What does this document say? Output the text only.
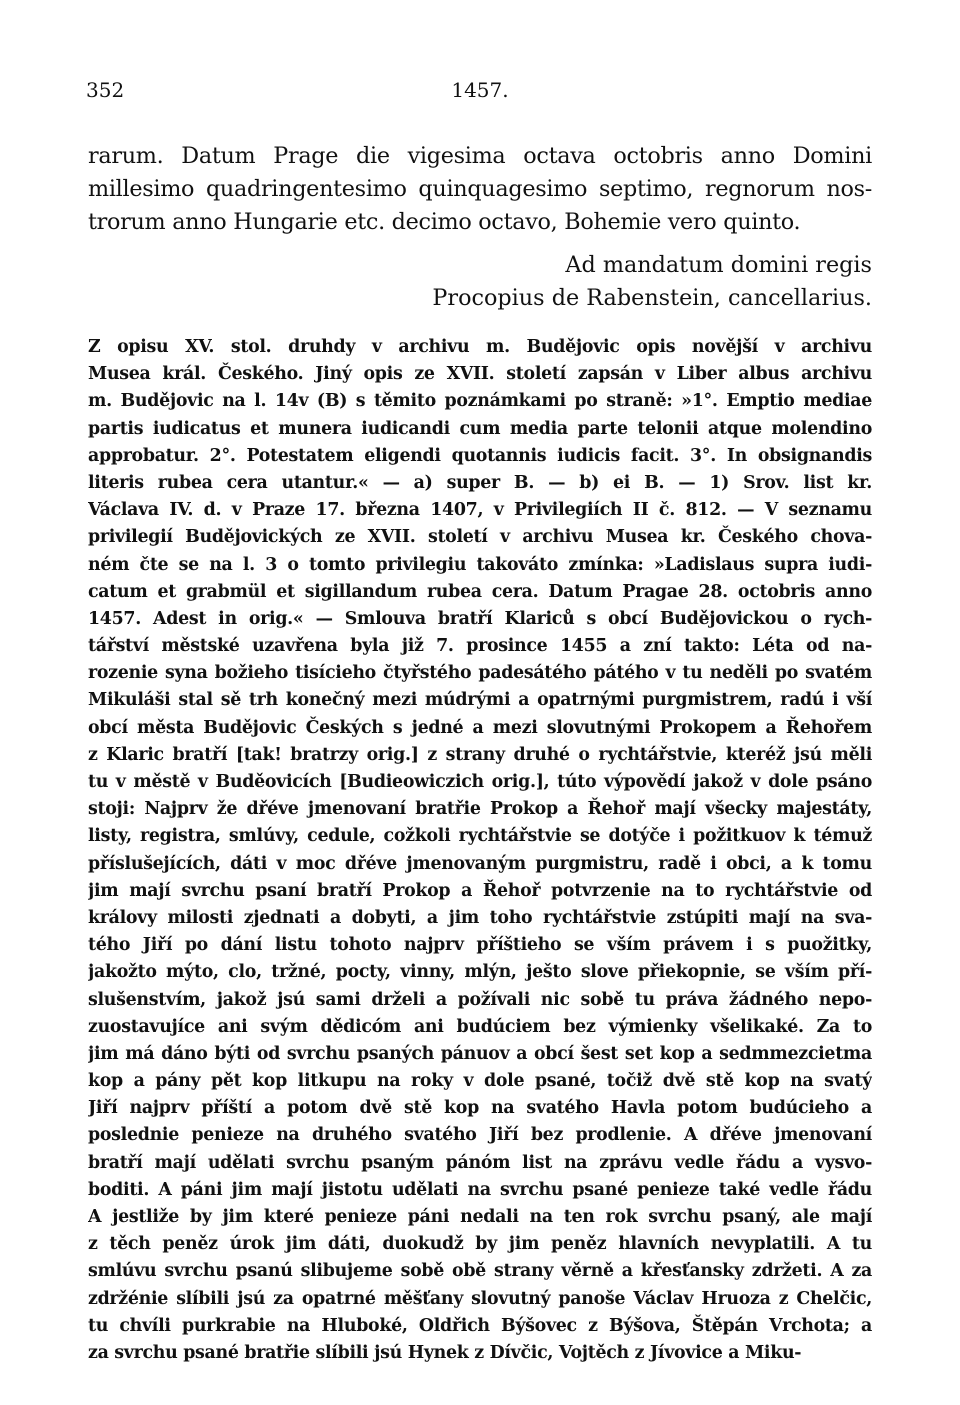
352	1457.
rarum. Datum Prage die vigesima octava octobris anno Domini
millesimo quadringentesimo quinquagesimo septimo, regnorum nos-
trorum anno Hungarie etc. decimo octavo, Bohemie vero quinto.
Ad mandatum domini regis
Procopius de Rabenstein, cancellarius.
Z opisu XV. stol. druhdy v archivu m. Budějovic opis novější v archivu
Musea král. Českého. Jiný opis ze XVII. století zapsán v Liber albus archivu
m. Budějovic na l. 14v (B) s těmito poznámkami po straně: »1°. Emptio mediae
partis iudicatus et munera iudicandi cum media parte telonii atque molendino
approbatur. 2°. Potestatem eligendi quotannis iudicis facit. 3°. In obsignandis
literis rubea cera utantur.« — a) super B. — b) ei B. — 1) Srov. list kr.
Václava IV. d. v Praze 17. března 1407, v Privilegiích II č. 812. — V seznamu
privilegií Budějovických ze XVII. století v archivu Musea kr. Českého chova-
ném čte se na l. 3 o tomto privilegiu takováto zmínka: »Ladislaus supra iudi-
catum et grabmül et sigillandum rubea cera. Datum Pragae 28. octobris anno
1457. Adest in orig.« — Smlouva bratří Klariců s obcí Budějovickou o rych-
tářství městské uzavřena byla již 7. prosince 1455 a zní takto: Léta od na-
rozenie syna božieho tisícieho čtyřstého padesátého pátého v tu neděli po svatém
Mikuláši stal sě trh konečný mezi múdrými a opatrnými purgmistrem, radú i vší
obcí města Budějovic Českých s jedné a mezi slovutnými Prokopem a Řehořem
z Klaric bratří [tak! bratrzy orig.] z strany druhé o rychtářstvie, kteréž jsú měli
tu v městě v Buděovicích [Budieowiczich orig.], túto výpovědí jakož v dole psáno
stoji: Najprv že dřéve jmenovaní bratřie Prokop a Řehoř mají všecky majestáty,
listy, registra, smlúvy, cedule, cožkoli rychtářstvie se dotýče i požitkuov k témuž
příslušejících, dáti v moc dřéve jmenovaným purgmistru, radě i obci, a k tomu
jim mají svrchu psaní bratří Prokop a Řehoř potvrzenie na to rychtářstvie od
královy milosti zjednati a dobyti, a jim toho rychtářstvie zstúpiti mají na sva-
tého Jiří po dání listu tohoto najprv příštieho se vším právem i s puožitky,
jakožto mýto, clo, tržné, pocty, vinny, mlýn, ješto slove přiekopnie, se vším pří-
slušenstvím, jakož jsú sami drželi a požívali nic sobě tu práva žádného nepo-
zuostavujíce ani svým dědicóm ani budúciem bez výmienky všelikaké. Za to
jim má dáno býti od svrchu psaných pánuov a obcí šest set kop a sedmmezcietma
kop a pány pět kop litkupu na roky v dole psané, točiž dvě stě kop na svatý
Jiří najprv příští a potom dvě stě kop na svatého Havla potom budúcieho a
poslednie penieze na druhého svatého Jiří bez prodlenie. A dřéve jmenovaní
bratří mají udělati svrchu psaným pánóm list na zprávu vedle řádu a vysvo-
boditi. A páni jim mají jistotu udělati na svrchu psané penieze také vedle řádu
A jestliže by jim které penieze páni nedali na ten rok svrchu psaný, ale mají
z těch peněz úrok jim dáti, duokudž by jim peněz hlavních nevyplatili. A tu
smlúvu svrchu psanú slibujeme sobě obě strany věrně a křesťansky zdržeti. A za
zdržénie slíbili jsú za opatrné měšťany slovutný panoše Václav Hruoza z Chelčic,
tu chvíli purkrabie na Hluboké, Oldřich Býšovec z Býšova, Štěpán Vrchota; a
za svrchu psané bratřie slíbili jsú Hynek z Dívčic, Vojtěch z Jívovice a Miku-
